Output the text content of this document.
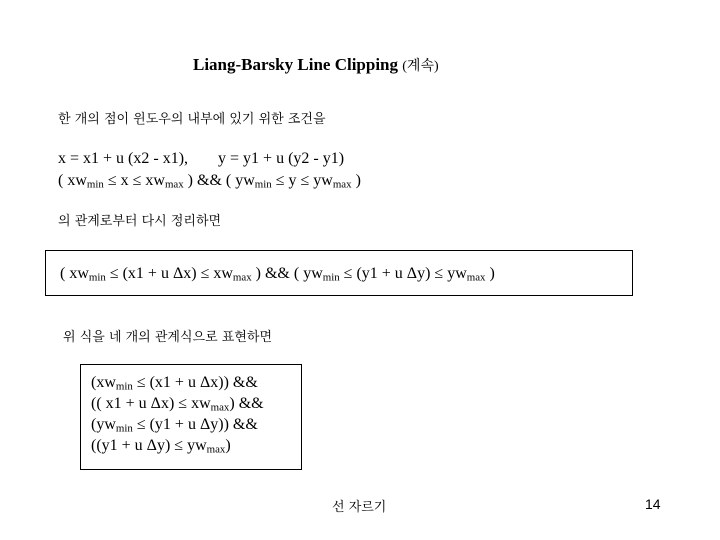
Liang-Barsky Line Clipping (계속)
한 개의 점이 윈도우의 내부에 있기 위한 조건을
x = x1 + u (x2 - x1), y = y1 + u (y2 - y1)
( $xw_{min} \le x \le xw_{max}$ ) && ( $yw_{min} \le y \le yw_{max}$ )
의 관계로부터 다시 정리하면
( $xw_{min} \le (x1 + u$ $\Delta x) \le xw_{max}$ ) && ( $yw_{min} \le (y1 + u$ $\Delta y) \le yw_{max}$ )
위 식을 네 개의 관계식으로 표현하면
($xw_{min} \le (x1 + u$ Δx)) &&
(( x1 + u $\Delta x) \le xw_{max}$) &&
($yw_{min} \le (y1 + u$ Δy)) &&
((y1 + u $\Delta y) \le yw_{max}$)
선 자르기	14
